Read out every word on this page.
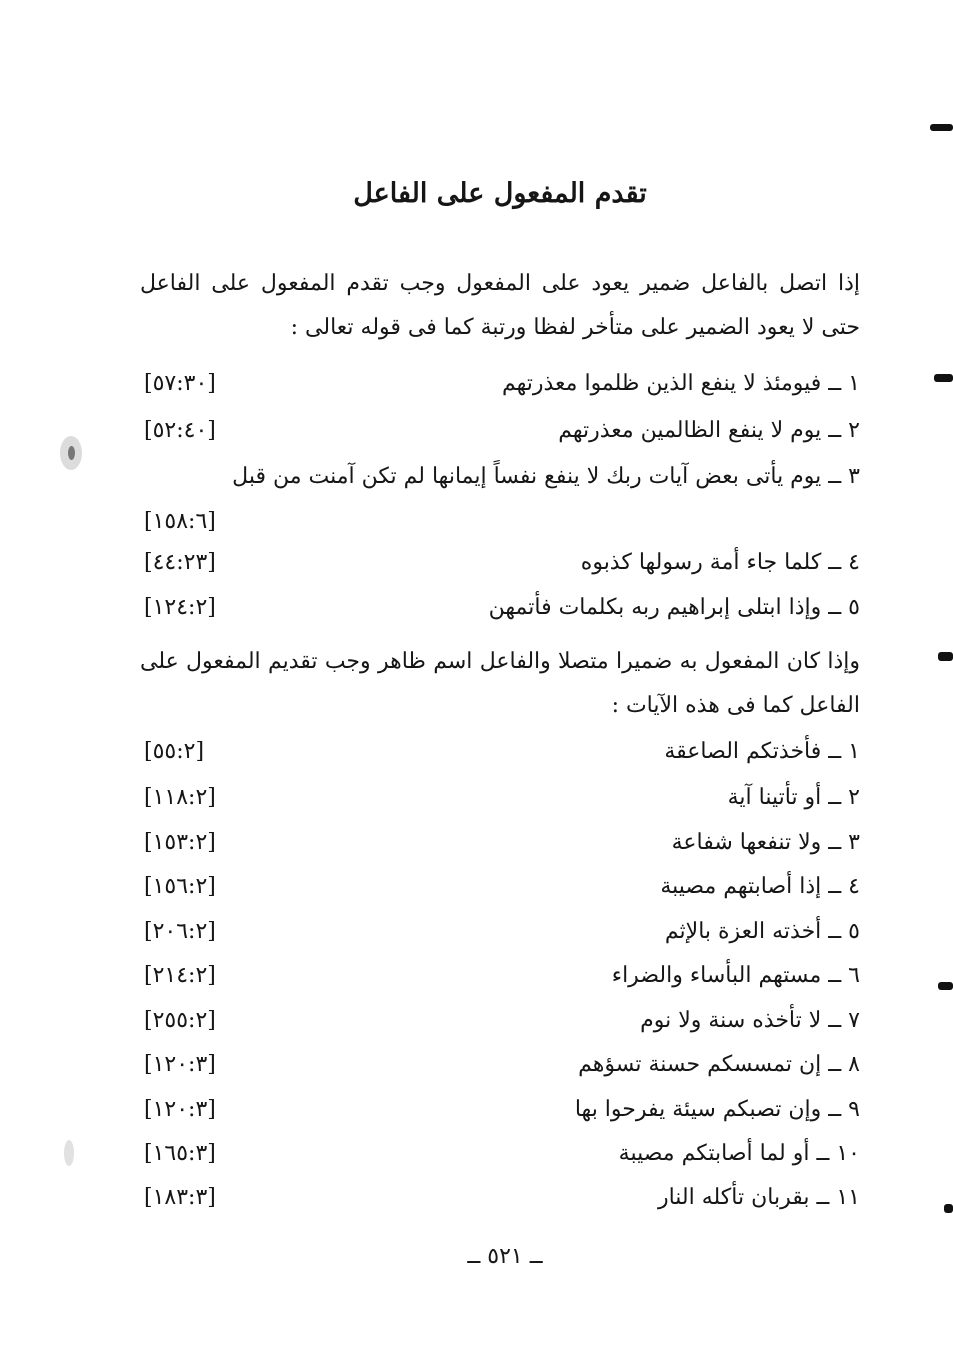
تقدم المفعول على الفاعل
إذا اتصل بالفاعل ضمير يعود على المفعول وجب تقدم المفعول على الفاعل حتى لا يعود الضمير على متأخر لفظا ورتبة كما فى قوله تعالى :
١ ــ فيومئذ لا ينفع الذين ظلموا معذرتهم
[٥٧:٣٠]
٢ ــ يوم لا ينفع الظالمين معذرتهم
[٥٢:٤٠]
٣ ــ يوم يأتى بعض آيات ربك لا ينفع نفساً إيمانها لم تكن آمنت من قبل
[١٥٨:٦]
٤ ــ كلما جاء أمة رسولها كذبوه
[٤٤:٢٣]
٥ ــ وإذا ابتلى إبراهيم ربه بكلمات فأتمهن
[١٢٤:٢]
وإذا كان المفعول به ضميرا متصلا والفاعل اسم ظاهر وجب تقديم المفعول على الفاعل كما فى هذه الآيات :
١ ــ فأخذتكم الصاعقة
[٥٥:٢]
٢ ــ أو تأتينا آية
[١١٨:٢]
٣ ــ ولا تنفعها شفاعة
[١٥٣:٢]
٤ ــ إذا أصابتهم مصيبة
[١٥٦:٢]
٥ ــ أخذته العزة بالإثم
[٢٠٦:٢]
٦ ــ مستهم البأساء والضراء
[٢١٤:٢]
٧ ــ لا تأخذه سنة ولا نوم
[٢٥٥:٢]
٨ ــ إن تمسسكم حسنة تسؤهم
[١٢٠:٣]
٩ ــ وإن تصبكم سيئة يفرحوا بها
[١٢٠:٣]
١٠ ــ أو لما أصابتكم مصيبة
[١٦٥:٣]
١١ ــ بقربان تأكله النار
[١٨٣:٣]
ــ ٥٢١ ــ
